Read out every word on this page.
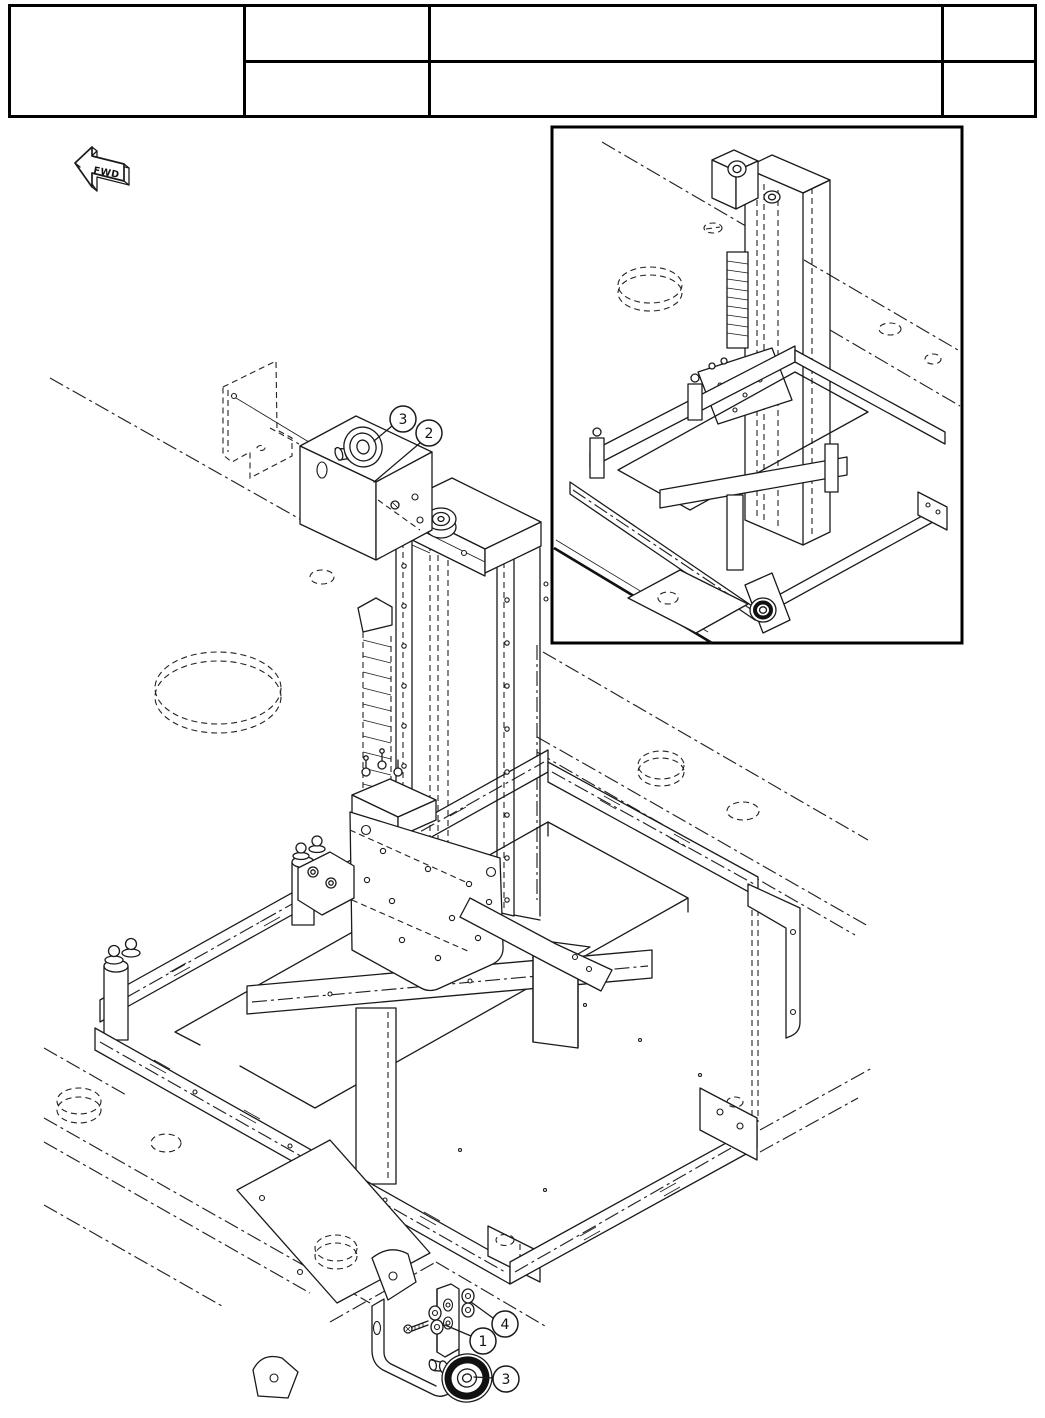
3
2
1
4
3
FWD
